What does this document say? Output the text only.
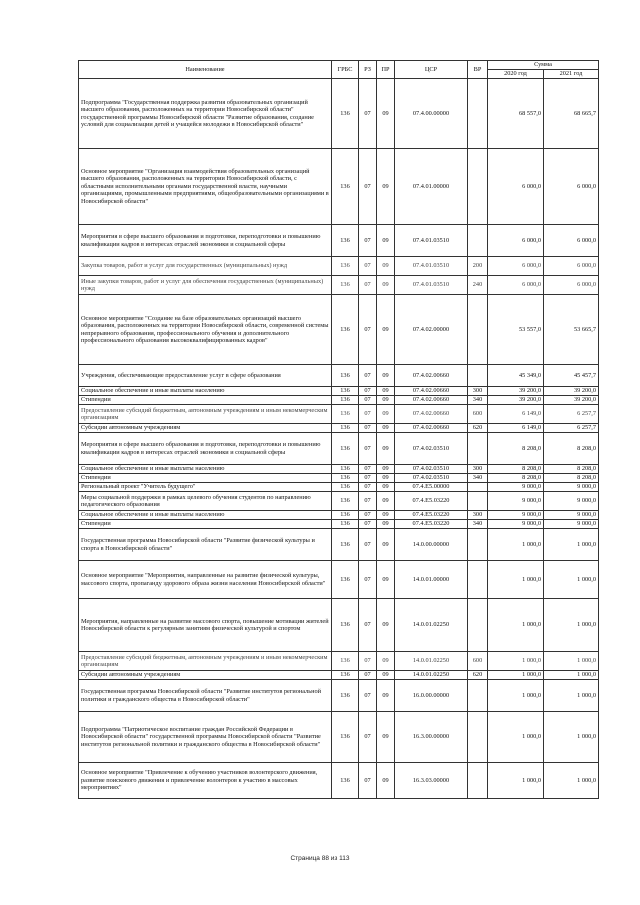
Наименование	ГРБС	РЗ	ПР	ЦСР	ВР	Сумма	
						2020 год	2021 год
Подпрограмма "Государственная поддержка развития образовательных организаций высшего образования, расположенных на территории Новосибирской области" государственной программы Новосибирской области "Развитие образования, создание условий для социализации детей и учащейся молодежи в Новосибирской области"	136	07	09	07.4.00.00000		68 557,0	68 665,7
Основное мероприятие "Организация взаимодействия образовательных организаций высшего образования, расположенных на территории Новосибирской области, с областными исполнительными органами государственной власти, научными организациями, промышленными предприятиями, общеобразовательными организациями в Новосибирской области"	136	07	09	07.4.01.00000		6 000,0	6 000,0
Мероприятия в сфере высшего образования и подготовки, переподготовки и повышению квалификации кадров в интересах отраслей экономики и социальной сферы	136	07	09	07.4.01.03510		6 000,0	6 000,0
Закупка товаров, работ и услуг для государственных (муниципальных) нужд	136	07	09	07.4.01.03510	200	6 000,0	6 000,0
Иные закупки товаров, работ и услуг для обеспечения государственных (муниципальных) нужд	136	07	09	07.4.01.03510	240	6 000,0	6 000,0
Основное мероприятие "Создание на базе образовательных организаций высшего образования, расположенных на территории Новосибирской области, современной системы непрерывного образования, профессионального обучения и дополнительного профессионального образования высококвалифицированных кадров"	136	07	09	07.4.02.00000		53 557,0	53 665,7
Учреждения, обеспечивающие предоставление услуг в сфере образования	136	07	09	07.4.02.00660		45 349,0	45 457,7
Социальное обеспечение и иные выплаты населению	136	07	09	07.4.02.00660	300	39 200,0	39 200,0
Стипендии	136	07	09	07.4.02.00660	340	39 200,0	39 200,0
Предоставление субсидий бюджетным, автономным учреждениям и иным некоммерческим организациям	136	07	09	07.4.02.00660	600	6 149,0	6 257,7
Субсидии автономным учреждениям	136	07	09	07.4.02.00660	620	6 149,0	6 257,7
Мероприятия в сфере высшего образования и подготовки, переподготовки и повышению квалификации кадров в интересах отраслей экономики и социальной сферы	136	07	09	07.4.02.03510		8 208,0	8 208,0
Социальное обеспечение и иные выплаты населению	136	07	09	07.4.02.03510	300	8 208,0	8 208,0
Стипендии	136	07	09	07.4.02.03510	340	8 208,0	8 208,0
Региональный проект "Учитель будущего"	136	07	09	07.4.E5.00000		9 000,0	9 000,0
Меры социальной поддержки в рамках целевого обучения студентов по направлению педагогического образования	136	07	09	07.4.E5.03220		9 000,0	9 000,0
Социальное обеспечение и иные выплаты населению	136	07	09	07.4.E5.03220	300	9 000,0	9 000,0
Стипендии	136	07	09	07.4.E5.03220	340	9 000,0	9 000,0
Государственная программа Новосибирской области "Развитие физической культуры и спорта в Новосибирской области"	136	07	09	14.0.00.00000		1 000,0	1 000,0
Основное мероприятие "Мероприятия, направленные на развитие физической культуры, массового спорта, пропаганду здорового образа жизни населения Новосибирской области"	136	07	09	14.0.01.00000		1 000,0	1 000,0
Мероприятия, направленные на развитие массового спорта, повышение мотивации жителей Новосибирской области к регулярным занятиям физической культурой и спортом	136	07	09	14.0.01.02250		1 000,0	1 000,0
Предоставление субсидий бюджетным, автономным учреждениям и иным некоммерческим организациям	136	07	09	14.0.01.02250	600	1 000,0	1 000,0
Субсидии автономным учреждениям	136	07	09	14.0.01.02250	620	1 000,0	1 000,0
Государственная программа Новосибирской области "Развитие институтов региональной политики и гражданского общества в Новосибирской области"	136	07	09	16.0.00.00000		1 000,0	1 000,0
Подпрограмма "Патриотическое воспитание граждан Российской Федерации в Новосибирской области" государственной программы Новосибирской области "Развитие институтов региональной политики и гражданского общества в Новосибирской области"	136	07	09	16.3.00.00000		1 000,0	1 000,0
Основное мероприятие "Привлечение к обучению участников волонтерского движения, развитие поискового движения и привлечение волонтеров к участию в массовых мероприятиях"	136	07	09	16.3.03.00000		1 000,0	1 000,0
Страница 88 из 113
